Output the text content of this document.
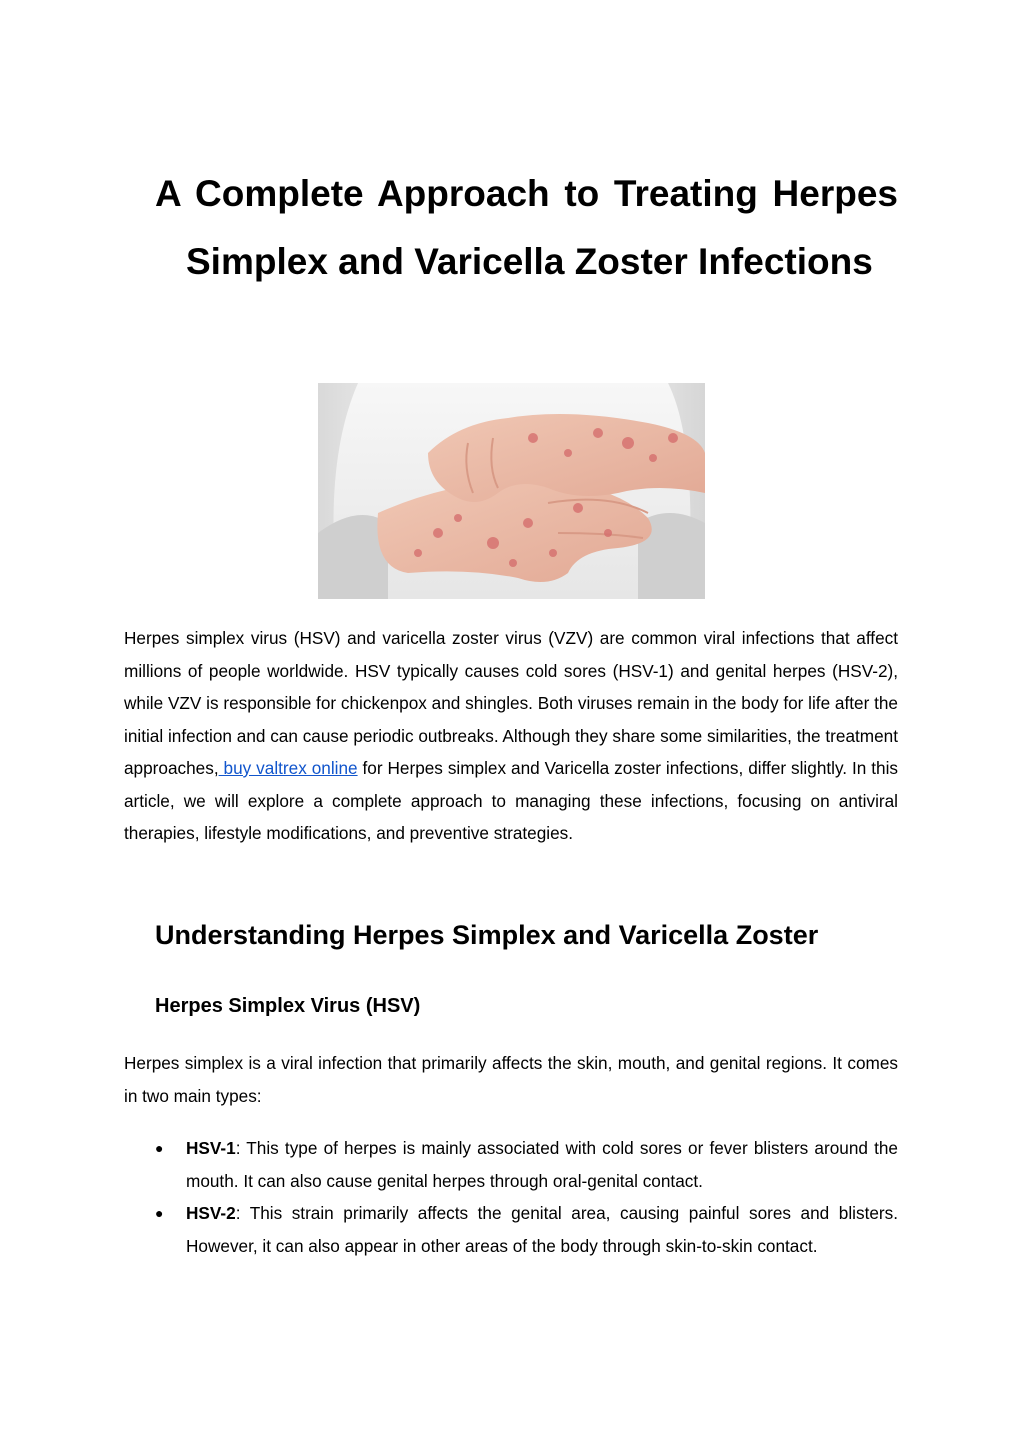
A Complete Approach to Treating Herpes Simplex and Varicella Zoster Infections

Herpes simplex virus (HSV) and varicella zoster virus (VZV) are common viral infections that affect millions of people worldwide. HSV typically causes cold sores (HSV-1) and genital herpes (HSV-2), while VZV is responsible for chickenpox and shingles. Both viruses remain in the body for life after the initial infection and can cause periodic outbreaks. Although they share some similarities, the treatment approaches, buy valtrex online for Herpes simplex and Varicella zoster infections, differ slightly. In this article, we will explore a complete approach to managing these infections, focusing on antiviral therapies, lifestyle modifications, and preventive strategies.

Understanding Herpes Simplex and Varicella Zoster
Herpes Simplex Virus (HSV)

Herpes simplex is a viral infection that primarily affects the skin, mouth, and genital regions. It comes in two main types:

● HSV-1: This type of herpes is mainly associated with cold sores or fever blisters around the mouth. It can also cause genital herpes through oral-genital contact.
● HSV-2: This strain primarily affects the genital area, causing painful sores and blisters. However, it can also appear in other areas of the body through skin-to-skin contact.
